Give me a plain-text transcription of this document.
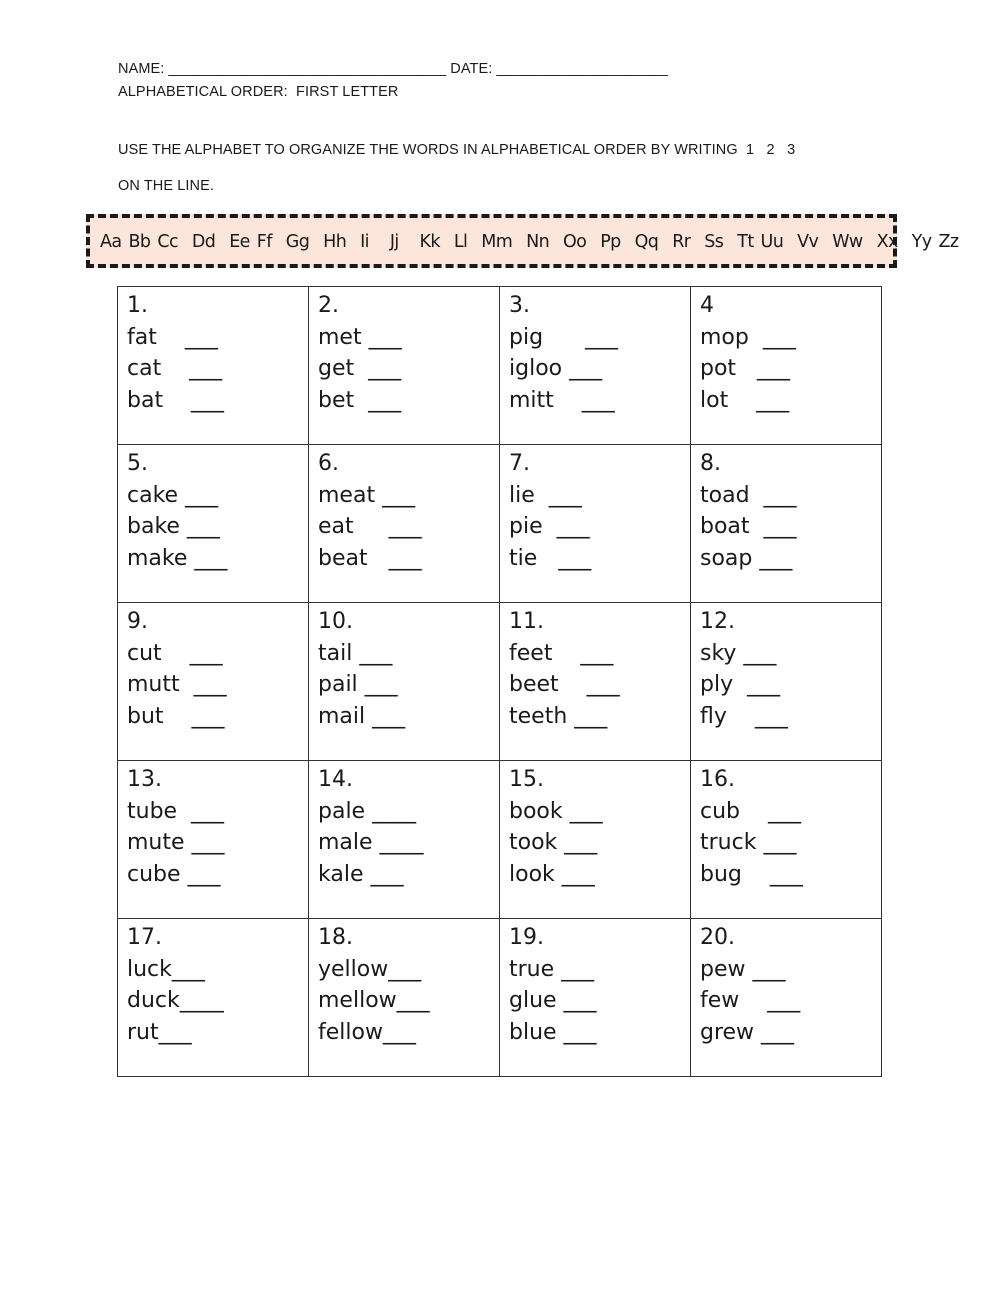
NAME: __________________________________ DATE: _____________________
ALPHABETICAL ORDER:  FIRST LETTER
USE THE ALPHABET TO ORGANIZE THE WORDS IN ALPHABETICAL ORDER BY WRITING  1   2   3
ON THE LINE.
Aa Bb Cc  Dd  Ee Ff  Gg  Hh  Ii   Jj   Kk  Ll  Mm  Nn  Oo  Pp  Qq  Rr  Ss  Tt Uu  Vv  Ww  Xx  Yy Zz
1.
fat    ___
cat    ___
bat    ___	2.
met ___
get  ___
bet  ___	3.
pig      ___
igloo ___
mitt    ___	4
mop  ___
pot   ___
lot    ___

5.
cake ___
bake ___
make ___	6.
meat ___
eat     ___
beat   ___	7.
lie  ___
pie  ___
tie   ___	8.
toad  ___
boat  ___
soap ___

9.
cut    ___
mutt  ___
but    ___	10.
tail ___
pail ___
mail ___	11.
feet    ___
beet    ___
teeth ___	12.
sky ___
ply  ___
fly    ___

13.
tube  ___
mute ___
cube ___	14.
pale ____
male ____
kale ___	15.
book ___
took ___
look ___	16.
cub    ___
truck ___
bug    ___

17.
luck___
duck____
rut___	18.
yellow___
mellow___
fellow___	19.
true ___
glue ___
blue ___	20.
pew ___
few    ___
grew ___
